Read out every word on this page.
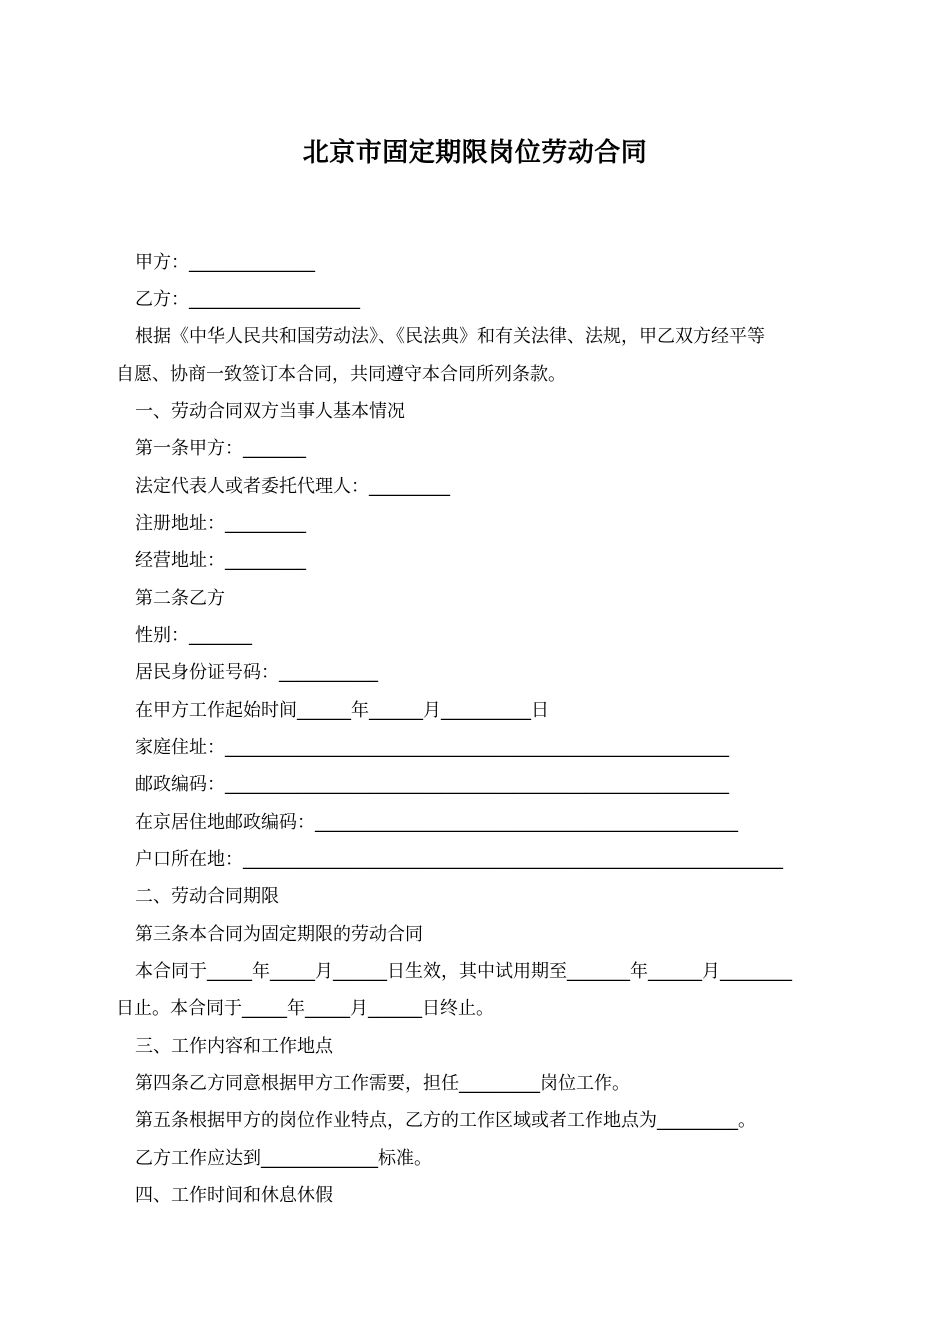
北京市固定期限岗位劳动合同
甲方：______________
乙方：___________________
根据《中华人民共和国劳动法》、《民法典》和有关法律、法规，甲乙双方经平等
自愿、协商一致签订本合同，共同遵守本合同所列条款。
一、劳动合同双方当事人基本情况
第一条甲方：_______
法定代表人或者委托代理人：_________
注册地址：_________
经营地址：_________
第二条乙方
性别：_______
居民身份证号码：___________
在甲方工作起始时间______年______月__________日
家庭住址：________________________________________________________
邮政编码：________________________________________________________
在京居住地邮政编码：_______________________________________________
户口所在地：____________________________________________________________
二、劳动合同期限
第三条本合同为固定期限的劳动合同
本合同于_____年_____月______日生效，其中试用期至_______年______月________
日止。本合同于_____年_____月______日终止。
三、工作内容和工作地点
第四条乙方同意根据甲方工作需要，担任_________岗位工作。
第五条根据甲方的岗位作业特点，乙方的工作区域或者工作地点为_________。
乙方工作应达到_____________标准。
四、工作时间和休息休假
